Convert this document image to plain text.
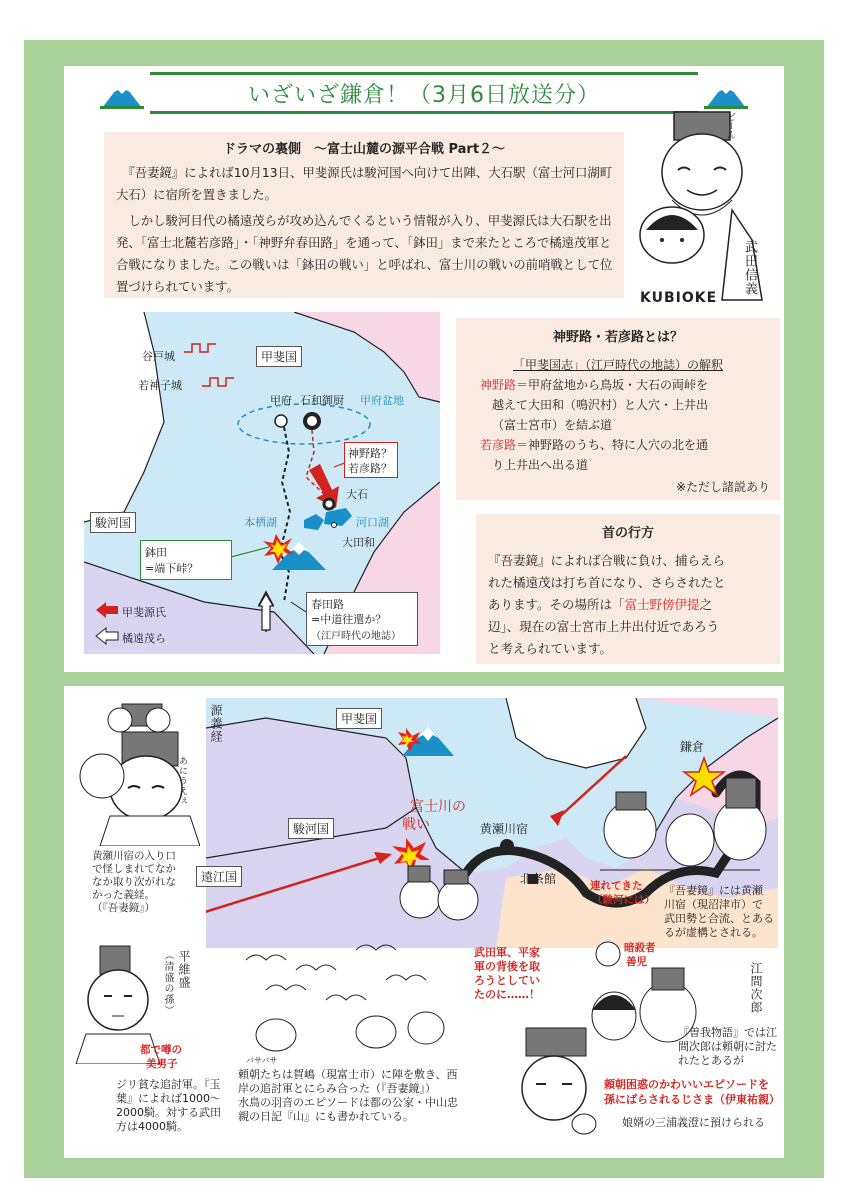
いざいざ鎌倉！（3月6日放送分）
ドラマの裏側　～富士山麓の源平合戦 Part２～

　『吾妻鏡』によれば10月13日、甲斐源氏は駿河国へ向けて出陣、大石駅（富士河口湖町大石）に宿所を置きました。

　しかし駿河目代の橘遠茂らが攻め込んでくるという情報が入り、甲斐源氏は大石駅を出発、「富士北麓若彦路」・「神野弁春田路」を通って、「鉢田」まで来たところで橘遠茂軍と合戦になりました。この戦いは「鉢田の戦い」と呼ばれ、富士川の戦いの前哨戦として位置づけられています。

どーん
KUBIOKE
武田信義
甲斐国
谷戸城
若神子城
甲府 石和御厨 甲府盆地
神野路？
若彦路？
大石
本栖湖	河口湖
大田和
駿河国
鉢田
=端下峠？
春田路
=中道往還か？
（江戸時代の地誌）
甲斐源氏
橘遠茂ら
神野路・若彦路とは？
「甲斐国志」（江戸時代の地誌）の解釈
神野路＝甲府盆地から鳥坂・大石の両峠を
越えて大田和（鳴沢村）と人穴・上井出
（富士宮市）を結ぶ道
若彦路＝神野路のうち、特に人穴の北を通
り上井出へ出る道
※ただし諸説あり
首の行方
『吾妻鏡』によれば合戦に負け、捕らえら
れた橘遠茂は打ち首になり、さらされたと
あります。その場所は「富士野傍伊提之
辺」、現在の富士宮市上井出付近であろう
と考えられています。
甲斐国
駿河国
遠江国
富士川の
戦い	黄瀬川宿
北条館
鎌倉
源義経
あにうえぇ
黄瀬川宿の入り口
で怪しまれてなか
なか取り次がれな
かった義経。
（『吾妻鏡』）
平維盛
（清盛の孫）
都で噂の
美男子
ジリ貧な追討軍。『玉
葉』によれば1000～
2000騎。対する武田
方は4000騎。
武田軍、平家
軍の背後を取
ろうとしてい
たのに……！
バサバサ
頼朝たちは賀嶋（現富士市）に陣を敷き、西
岸の追討軍とにらみ合った（『吾妻鏡』）
水鳥の羽音のエピソードは都の公家・中山忠
親の日記『山』にも書かれている。
連れてきた
（駿河には）
『吾妻鏡』には黄瀬
川宿（現沼津市）で
武田勢と合流、とある
るが虚構とされる。
暗殺者
善児	江間次郎
『曽我物語』では江
間次郎は頼朝に討た
れたとあるが
頼朝困惑のかわいいエピソードを
孫にばらされるじさま（伊東祐親）
娘婿の三浦義澄に預けられる
